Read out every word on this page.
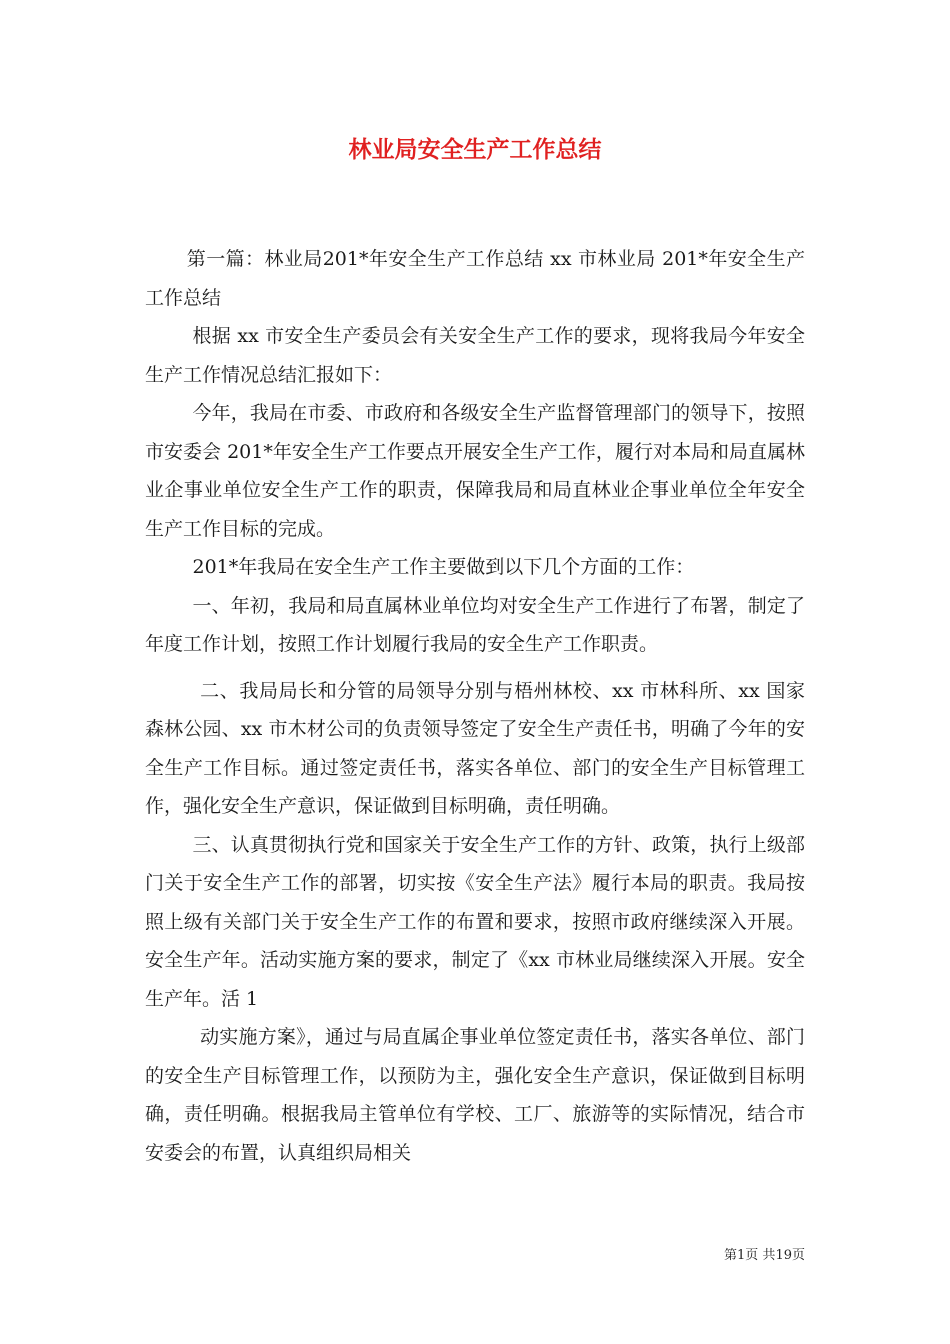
林业局安全生产工作总结

第一篇：林业局201*年安全生产工作总结 xx 市林业局 201*年安全生产工作总结

根据 xx 市安全生产委员会有关安全生产工作的要求，现将我局今年安全生产工作情况总结汇报如下：

今年，我局在市委、市政府和各级安全生产监督管理部门的领导下，按照市安委会 201*年安全生产工作要点开展安全生产工作，履行对本局和局直属林业企事业单位安全生产工作的职责，保障我局和局直林业企事业单位全年安全生产工作目标的完成。

201*年我局在安全生产工作主要做到以下几个方面的工作：

一、年初，我局和局直属林业单位均对安全生产工作进行了布署，制定了年度工作计划，按照工作计划履行我局的安全生产工作职责。

二、我局局长和分管的局领导分别与梧州林校、xx 市林科所、xx 国家森林公园、xx 市木材公司的负责领导签定了安全生产责任书，明确了今年的安全生产工作目标。通过签定责任书，落实各单位、部门的安全生产目标管理工作，强化安全生产意识，保证做到目标明确，责任明确。

三、认真贯彻执行党和国家关于安全生产工作的方针、政策，执行上级部门关于安全生产工作的部署，切实按《安全生产法》履行本局的职责。我局按照上级有关部门关于安全生产工作的布置和要求，按照市政府继续深入开展。安全生产年。活动实施方案的要求，制定了《xx 市林业局继续深入开展。安全生产年。活 1

动实施方案》，通过与局直属企事业单位签定责任书，落实各单位、部门的安全生产目标管理工作，以预防为主，强化安全生产意识，保证做到目标明确，责任明确。根据我局主管单位有学校、工厂、旅游等的实际情况，结合市安委会的布置，认真组织局相关

第1页 共19页
